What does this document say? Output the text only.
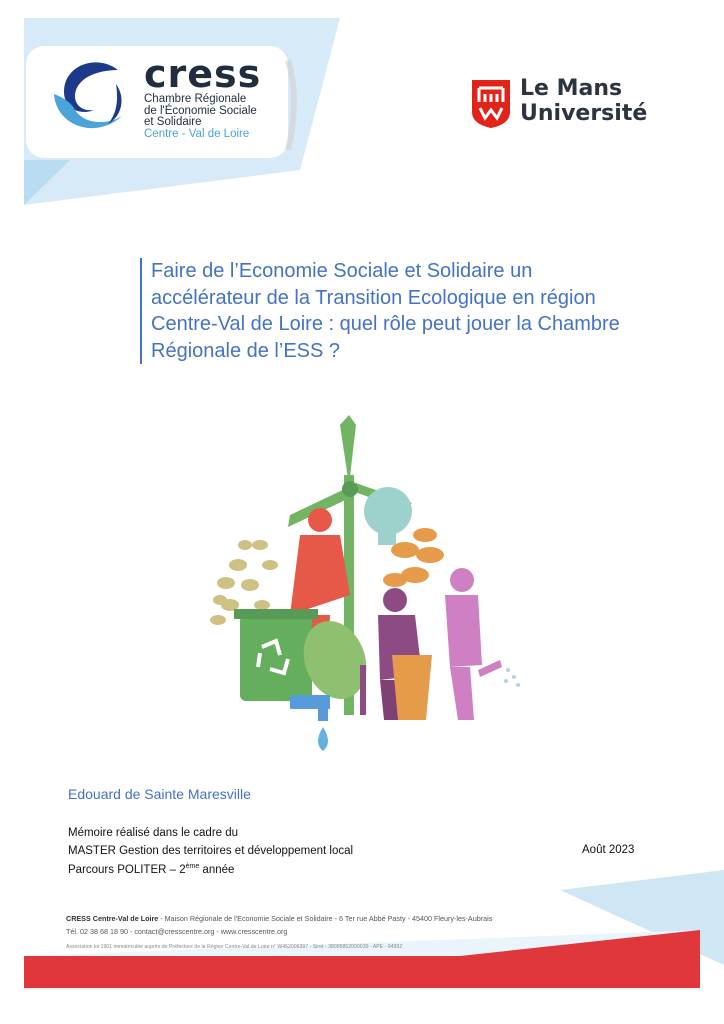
cress
Chambre Régionale
de l'Économie Sociale
et Solidaire
Centre - Val de Loire
Le Mans
Université

Faire de l’Economie Sociale et Solidaire un accélérateur de la Transition Ecologique en région Centre-Val de Loire : quel rôle peut jouer la Chambre Régionale de l’ESS ?

Edouard de Sainte Maresville
Mémoire réalisé dans le cadre du
MASTER Gestion des territoires et développement local
Parcours POLITER – 2ème année
Août 2023
CRESS Centre-Val de Loire - Maison Régionale de l'Economie Sociale et Solidaire - 6 Ter rue Abbé Pasty - 45400 Fleury-les-Aubrais
Tél. 02 38 68 18 90 - contact@cresscentre.org - www.cresscentre.org
Association loi 1901 immatriculée auprès de Préfecture de la Région Centre-Val de Loire n° W452006397 - Siret - 38095852000039 - APE - 9499Z
